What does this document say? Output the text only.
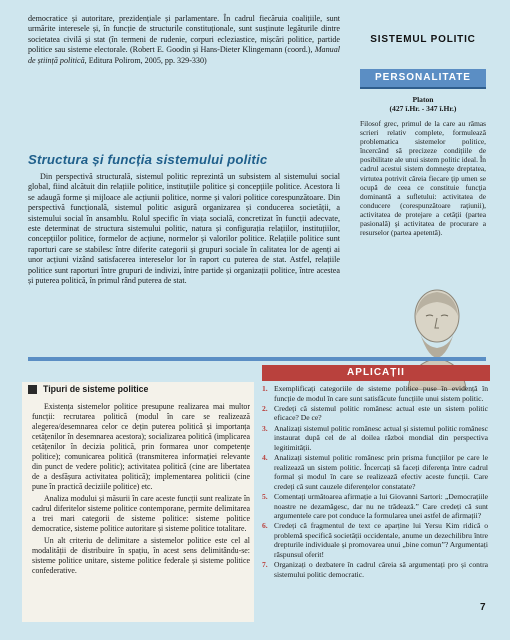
democratice și autoritare, prezidențiale și parlamentare. În cadrul fiecăruia coalițiile, sunt urmărite interesele și, în funcție de structurile constituționale, sunt susținute legăturile dintre societatea civilă și stat (în termeni de rudenie, corpuri ecleziastice, mișcări politice, partide politice sau sisteme electorale. (Robert E. Goodin și Hans-Dieter Klingemann (coord.), Manual de știință politică, Editura Polirom, 2005, pp. 329-330)

Structura și funcția sistemului politic

Din perspectivă structurală, sistemul politic reprezintă un subsistem al sistemului social global, fiind alcătuit din relațiile politice, instituțiile politice și concepțiile politice. Acestora li se adaugă forme și mijloace ale acțiunii politice, norme și valori politice corespunzătoare. Din perspectivă funcțională, sistemul politic asigură organizarea și conducerea societății, a sistemului social în ansamblu. Rolul specific în viața socială, concretizat în funcții adecvate, este determinat de structura sistemului politic, natura și configurația relațiilor, instituțiilor, concepțiilor politice, formelor de acțiune, normelor și valorilor politice. Relațiile politice sunt raporturi care se stabilesc între diferite categorii și grupuri sociale în calitatea lor de agenți ai unor acțiuni vizând satisfacerea intereselor lor în raport cu puterea de stat. Astfel, relațiile politice sunt raporturi între grupuri de indivizi, între partide și organizații politice, între acestea și puterea politică, în primul rând puterea de stat.

SISTEMUL POLITIC
PERSONALITATE
Platon
(427 î.Hr. - 347 î.Hr.)

Filosof grec, primul de la care au rămas scrieri relativ complete, formulează problematica sistemelor politice, încercând să precizeze condițiile de posibilitate ale unui sistem politic ideal. În cadrul acestui sistem domneşte dreptatea, virtutea potrivit căreia fiecare ţip umen se ocupă de ceea ce constituie funcţia dominantă a sufletului: activitatea de conducere (corespunzătoare raţiunii), activitatea de protejare a cetăţii (partea pasională) şi activitatea de procurare a resurselor (partea apetentă).

Tipuri de sisteme politice

Existența sistemelor politice presupune realizarea mai multor funcții: recrutarea politică (modul în care se realizează alegerea/desemnarea celor ce dețin puterea politică și importanța cetățenilor în desemnarea acestora); socializarea politică (implicarea cetățenilor în decizia politică, prin formarea unor competențe politice); comunicarea politică (transmiterea informației relevante din punct de vedere politic); activitatea politică (cine are libertatea de a desfășura activitatea politică); implementarea politicii (cine pune în practică deciziile politice) etc.

Analiza modului și măsurii în care aceste funcții sunt realizate în cadrul diferitelor sisteme politice contemporane, permite delimitarea a trei mari categorii de sisteme politice: sisteme politice democratice, sisteme politice autoritare și sisteme politice totalitare.

Un alt criteriu de delimitare a sistemelor politice este cel al modalității de distribuire în spațiu, în acest sens delimitându-se: sisteme politice unitare, sisteme politice federale și sisteme politice confederative.

APLICAȚII
1. Exemplificați categoriile de sisteme politice puse în evidență în funcție de modul în care sunt satisfăcute funcțiile unui sistem politic.
2. Credeți că sistemul politic românesc actual este un sistem politic eficace? De ce?
3. Analizați sistemul politic românesc actual și sistemul politic românesc instaurat după cel de al doilea război mondial din perspectiva legitimității.
4. Analizați sistemul politic românesc prin prisma funcțiilor pe care le realizează un sistem politic. Încercați să faceți diferența între cadrul formal și modul în care se realizează efectiv aceste funcții. Care credeți că sunt cauzele diferențelor constatate?
5. Comentați următoarea afirmație a lui Giovanni Sartori: „Democrațiile noastre ne dezamăgesc, dar nu ne trădează.” Care credeți că sunt argumentele care pot conduce la formularea unei astfel de afirmații?
6. Credeți că fragmentul de text ce aparține lui Yersu Kim ridică o problemă specifică societății occidentale, anume un dezechilibru între drepturile individuale și promovarea unui „bine comun”? Argumentați răspunsul oferit!
7. Organizați o dezbatere în cadrul căreia să argumentați pro și contra sistemului politic democratic.
7
